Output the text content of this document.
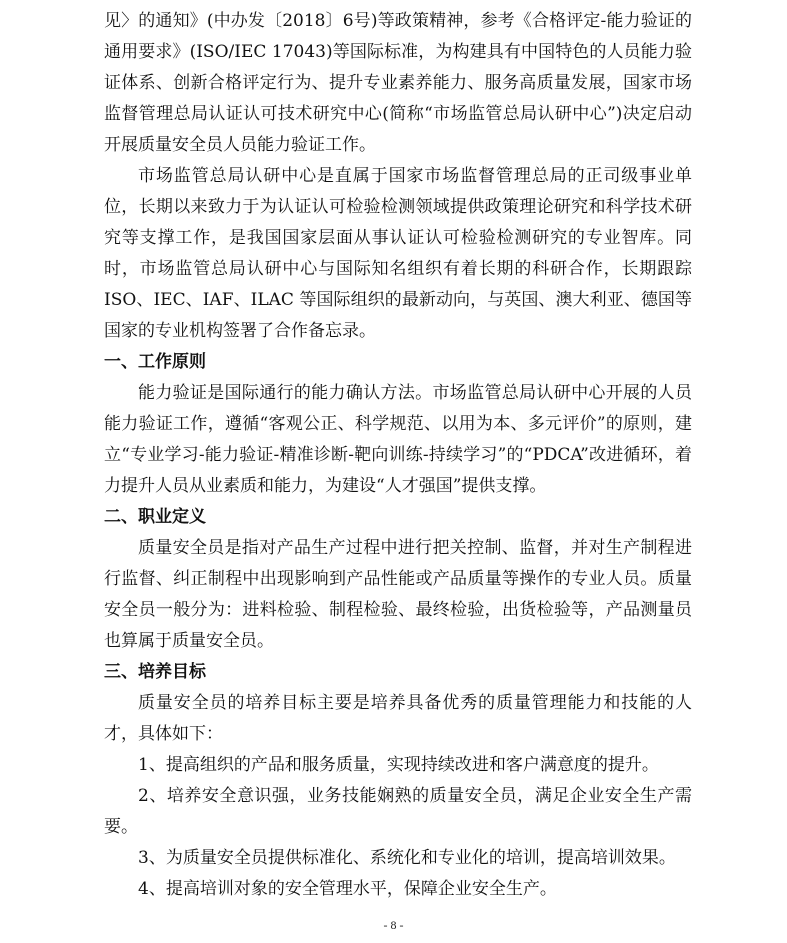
见〉的通知》(中办发〔2018〕6号)等政策精神，参考《合格评定-能力验证的通用要求》(ISO/IEC 17043)等国际标准，为构建具有中国特色的人员能力验证体系、创新合格评定行为、提升专业素养能力、服务高质量发展，国家市场监督管理总局认证认可技术研究中心(简称“市场监管总局认研中心”)决定启动开展质量安全员人员能力验证工作。

市场监管总局认研中心是直属于国家市场监督管理总局的正司级事业单位，长期以来致力于为认证认可检验检测领域提供政策理论研究和科学技术研究等支撑工作，是我国国家层面从事认证认可检验检测研究的专业智库。同时，市场监管总局认研中心与国际知名组织有着长期的科研合作，长期跟踪 ISO、IEC、IAF、ILAC 等国际组织的最新动向，与英国、澳大利亚、德国等国家的专业机构签署了合作备忘录。

一、工作原则

能力验证是国际通行的能力确认方法。市场监管总局认研中心开展的人员能力验证工作，遵循“客观公正、科学规范、以用为本、多元评价”的原则，建立“专业学习-能力验证-精准诊断-靶向训练-持续学习”的“PDCA”改进循环，着力提升人员从业素质和能力，为建设“人才强国”提供支撑。

二、职业定义

质量安全员是指对产品生产过程中进行把关控制、监督，并对生产制程进行监督、纠正制程中出现影响到产品性能或产品质量等操作的专业人员。质量安全员一般分为：进料检验、制程检验、最终检验，出货检验等，产品测量员也算属于质量安全员。

三、培养目标

质量安全员的培养目标主要是培养具备优秀的质量管理能力和技能的人才，具体如下：

1、提高组织的产品和服务质量，实现持续改进和客户满意度的提升。

2、培养安全意识强，业务技能娴熟的质量安全员，满足企业安全生产需要。

3、为质量安全员提供标准化、系统化和专业化的培训，提高培训效果。

4、提高培训对象的安全管理水平，保障企业安全生产。

- 8 -
